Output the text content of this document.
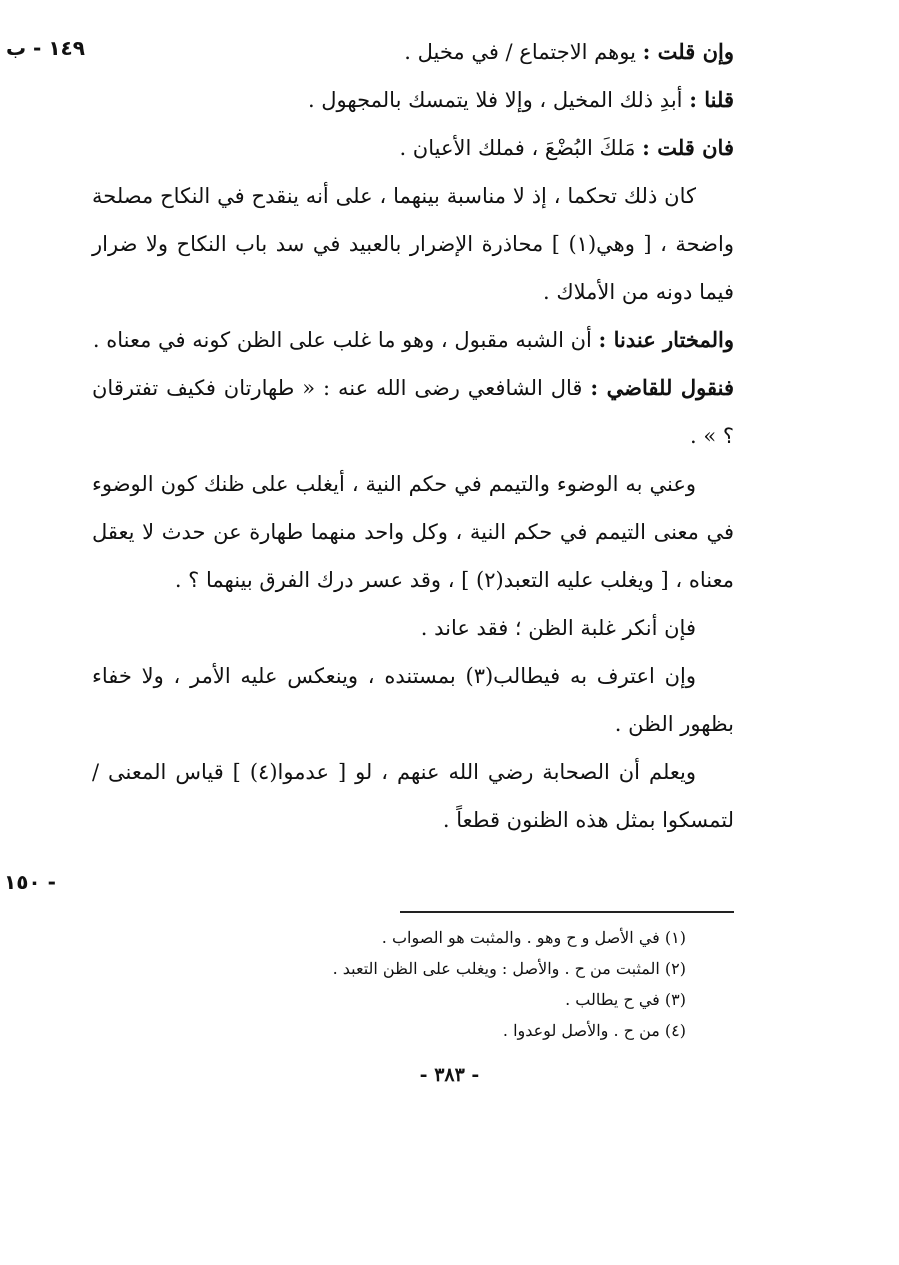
١٤٩ - ب
- ١٥٠

وإن قلت : يوهم الاجتماع / في مخيل .

قلنا : أبدِ ذلك المخيل ، وإلا فلا يتمسك بالمجهول .

فان قلت : مَلكَ البُضْعَ ، فملك الأعيان .

كان ذلك تحكما ، إذ لا مناسبة بينهما ، على أنه ينقدح في النكاح مصلحة واضحة ، [ وهي(١) ] محاذرة الإضرار بالعبيد في سد باب النكاح ولا ضرار فيما دونه من الأملاك .

والمختار عندنا : أن الشبه مقبول ، وهو ما غلب على الظن كونه في معناه .

فنقول للقاضي : قال الشافعي رضى الله عنه : « طهارتان فكيف تفترقان ؟ » .

وعني به الوضوء والتيمم في حكم النية ، أيغلب على ظنك كون الوضوء في معنى التيمم في حكم النية ، وكل واحد منهما طهارة عن حدث لا يعقل معناه ، [ ويغلب عليه التعبد(٢) ] ، وقد عسر درك الفرق بينهما ؟ .

فإن أنكر غلبة الظن ؛ فقد عاند .

وإن اعترف به فيطالب(٣) بمستنده ، وينعكس عليه الأمر ، ولا خفاء بظهور الظن .

ويعلم أن الصحابة رضي الله عنهم ، لو [ عدموا(٤) ] قياس المعنى / لتمسكوا بمثل هذه الظنون قطعاً .

(١) في الأصل و ح وهو . والمثبت هو الصواب .
(٢) المثبت من ح . والأصل : ويغلب على الظن التعبد .
(٣) في ح يطالب .
(٤) من ح . والأصل لوعدوا .
- ٣٨٣ -
